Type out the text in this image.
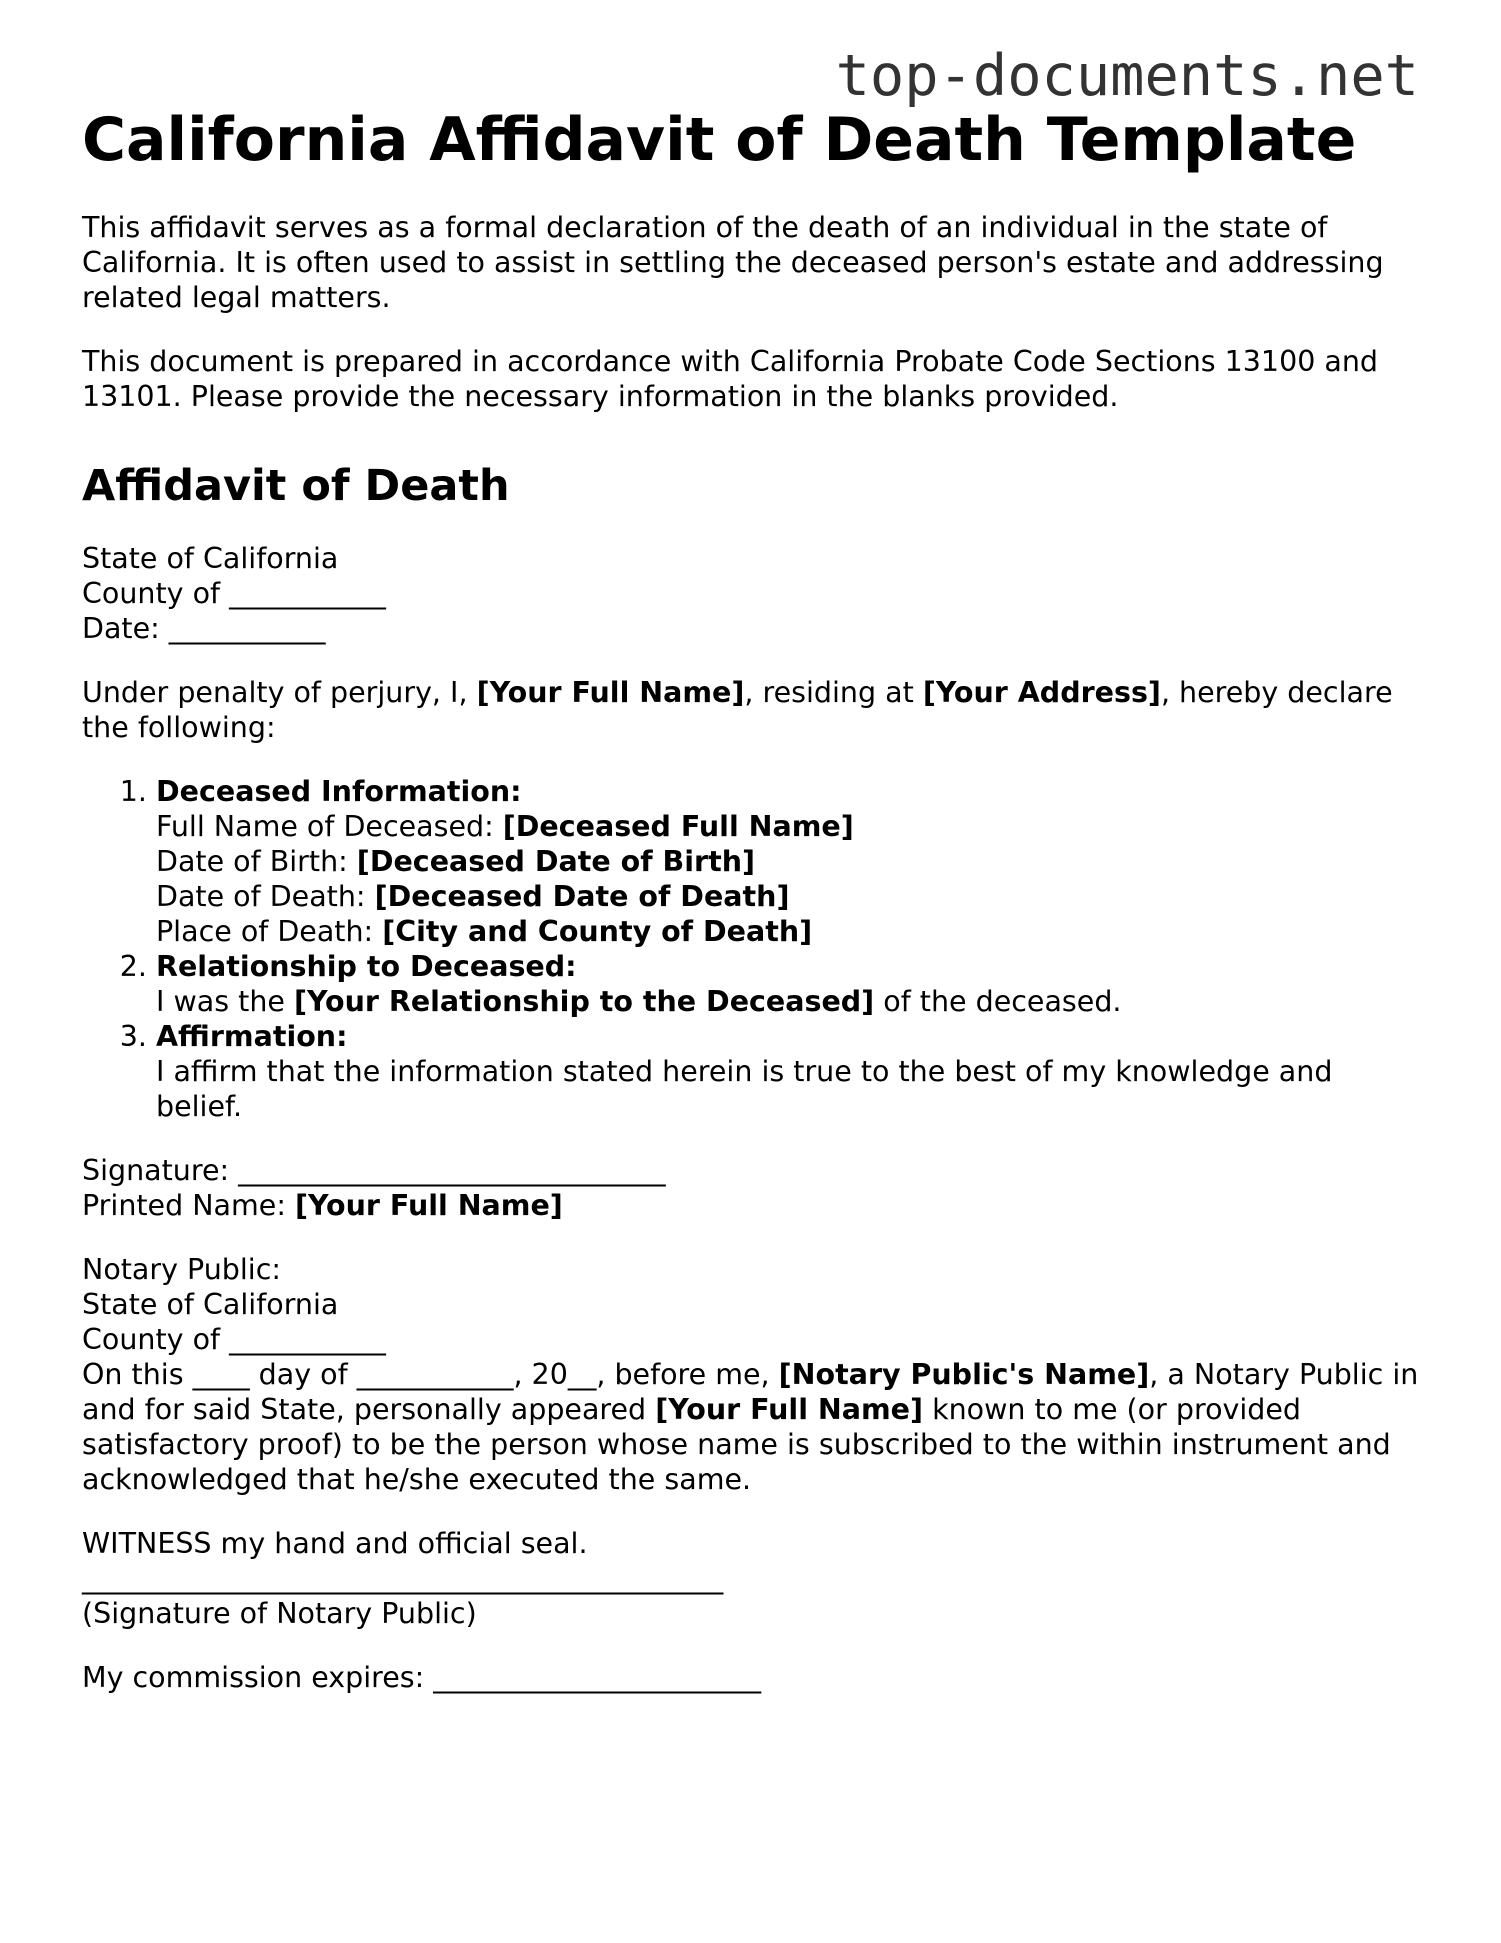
top-documents.net
California Affidavit of Death Template

This affidavit serves as a formal declaration of the death of an individual in the state of California. It is often used to assist in settling the deceased person's estate and addressing related legal matters.

This document is prepared in accordance with California Probate Code Sections 13100 and 13101. Please provide the necessary information in the blanks provided.

Affidavit of Death
State of California
County of ___________
Date: ___________

Under penalty of perjury, I, [Your Full Name], residing at [Your Address], hereby declare the following:

1. Deceased Information:
Full Name of Deceased: [Deceased Full Name]
Date of Birth: [Deceased Date of Birth]
Date of Death: [Deceased Date of Death]
Place of Death: [City and County of Death]
2. Relationship to Deceased:
I was the [Your Relationship to the Deceased] of the deceased.
3. Affirmation:
I affirm that the information stated herein is true to the best of my knowledge and belief.
Signature: ______________________________
Printed Name: [Your Full Name]
Notary Public:
State of California
County of ___________
On this ____ day of ___________, 20__, before me, [Notary Public's Name], a Notary Public in and for said State, personally appeared [Your Full Name] known to me (or provided satisfactory proof) to be the person whose name is subscribed to the within instrument and acknowledged that he/she executed the same.
WITNESS my hand and official seal.
_____________________________________________
(Signature of Notary Public)

My commission expires: _______________________
